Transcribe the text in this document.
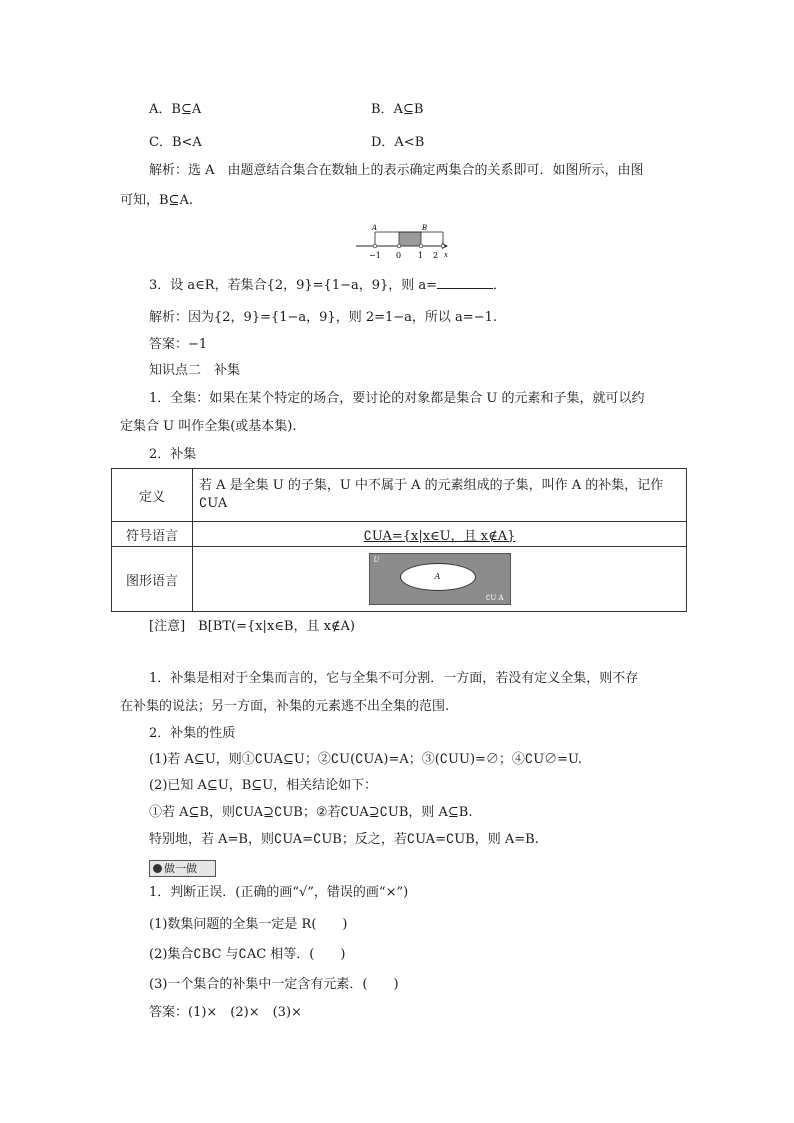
A．B⊆A	B．A⊆B
C．B<A	D．A<B
解析：选 A　由题意结合集合在数轴上的表示确定两集合的关系即可．如图所示，由图
可知，B⊆A.
A	B
−1 0 1 2 x
3．设 a∈R，若集合{2，9}={1−a，9}，则 a=	．
解析：因为{2，9}={1−a，9}，则 2=1−a，所以 a=−1.
答案：−1
知识点二　补集
1．全集：如果在某个特定的场合，要讨论的对象都是集合 U 的元素和子集，就可以约
定集合 U 叫作全集(或基本集).
2．补集
定义	若 A 是全集 U 的子集，U 中不属于 A 的元素组成的子集，叫作 A 的补集，记作
∁UA

符号语言	∁UA={x|x∈U，且 x∉A}
图形语言	U
A
∁U A
[注意]　B[BT(={x|x∈B，且 x∉A)
1．补集是相对于全集而言的，它与全集不可分割．一方面，若没有定义全集，则不存
在补集的说法；另一方面，补集的元素逃不出全集的范围.
2．补集的性质
(1)若 A⊆U，则①∁UA⊆U；②∁U(∁UA)=A；③(∁UU)=∅；④∁U∅=U.
(2)已知 A⊆U，B⊆U，相关结论如下：
①若 A⊆B，则∁UA⊇∁UB；②若∁UA⊇∁UB，则 A⊆B.
特别地，若 A=B，则∁UA=∁UB；反之，若∁UA=∁UB，则 A=B.
做一做
1．判断正误．(正确的画“√”，错误的画“×”)
(1)数集问题的全集一定是 R(　　)
(2)集合∁BC 与∁AC 相等．(　　)
(3)一个集合的补集中一定含有元素．(　　)
答案：(1)×　(2)×　(3)×
